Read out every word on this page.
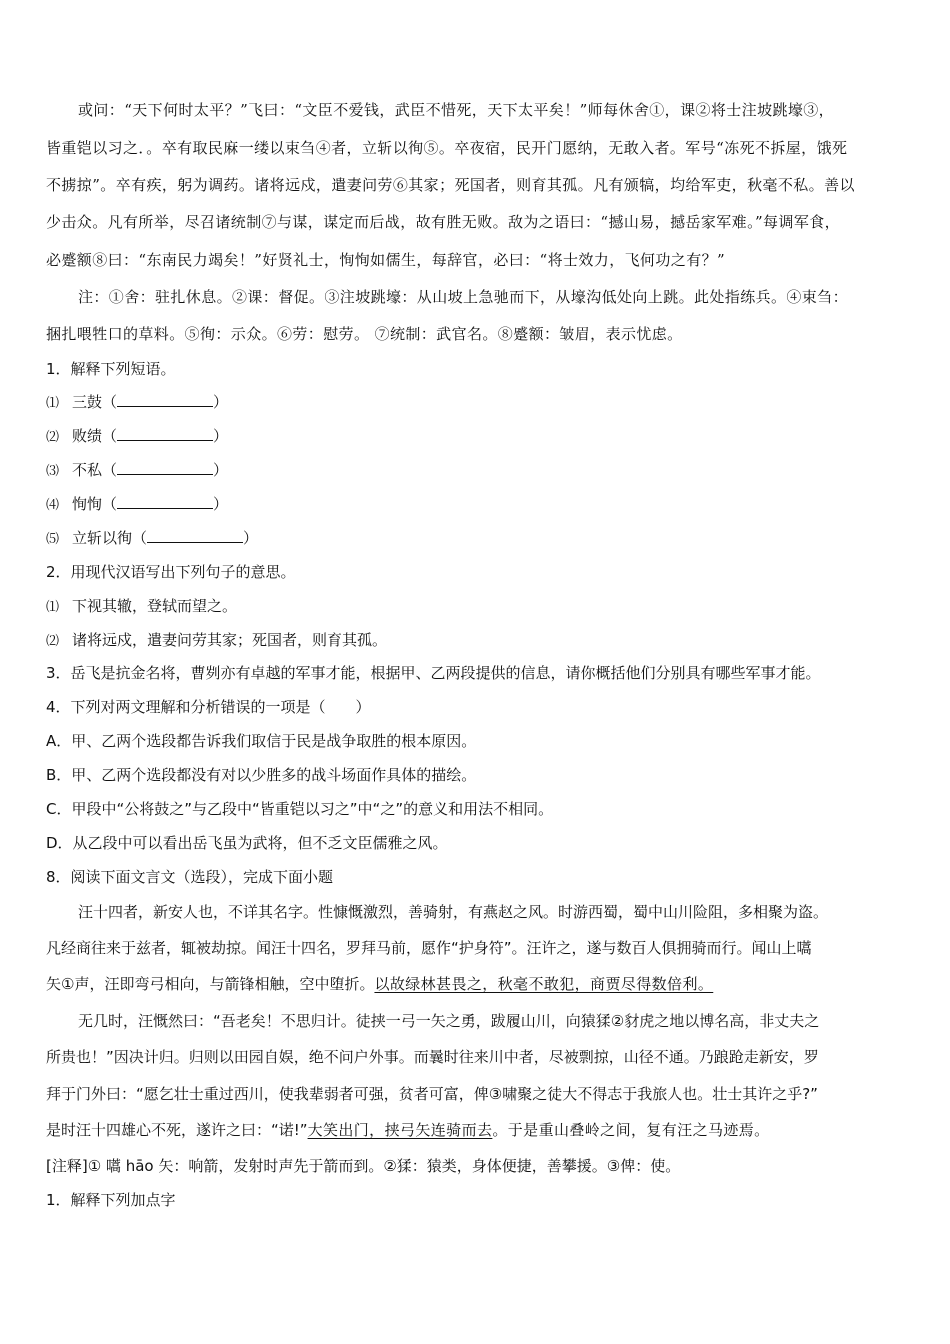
或问：“天下何时太平？”飞曰：“文臣不爱钱，武臣不惜死，天下太平矣！”师每休舍①，课②将士注坡跳壕③，
皆重铠以习之．。卒有取民麻一缕以束刍④者，立斩以徇⑤。卒夜宿，民开门愿纳，无敢入者。军号“冻死不拆屋，饿死
不掳掠”。卒有疾，躬为调药。诸将远戍，遣妻问劳⑥其家；死国者，则育其孤。凡有颁犒，均给军吏，秋毫不私。善以
少击众。凡有所举，尽召诸统制⑦与谋，谋定而后战，故有胜无败。敌为之语曰：“撼山易，撼岳家军难。”每调军食，
必蹙额⑧曰：“东南民力竭矣！”好贤礼士，恂恂如儒生，每辞官，必曰：“将士效力，飞何功之有？”
注：①舍：驻扎休息。②课：督促。③注坡跳壕：从山坡上急驰而下，从壕沟低处向上跳。此处指练兵。④束刍：
捆扎喂牲口的草料。⑤徇：示众。⑥劳：慰劳。 ⑦统制：武官名。⑧蹙额：皱眉，表示忧虑。
1．解释下列短语。
⑴ 三鼓（	）
⑵ 败绩（	）
⑶ 不私（	）
⑷ 恂恂（	）
⑸ 立斩以徇（	）
2．用现代汉语写出下列句子的意思。
⑴ 下视其辙，登轼而望之。
⑵ 诸将远戍，遣妻问劳其家；死国者，则育其孤。
3．岳飞是抗金名将，曹刿亦有卓越的军事才能，根据甲、乙两段提供的信息，请你概括他们分别具有哪些军事才能。
4．下列对两文理解和分析错误的一项是（　　）
A．甲、乙两个选段都告诉我们取信于民是战争取胜的根本原因。
B．甲、乙两个选段都没有对以少胜多的战斗场面作具体的描绘。
C．甲段中“公将鼓之”与乙段中“皆重铠以习之”中“之”的意义和用法不相同。
D．从乙段中可以看出岳飞虽为武将，但不乏文臣儒雅之风。
8．阅读下面文言文（选段），完成下面小题
汪十四者，新安人也，不详其名字。性慷慨激烈，善骑射，有燕赵之风。时游西蜀，蜀中山川险阻，多相聚为盗。
凡经商往来于兹者，辄被劫掠。闻汪十四名，罗拜马前，愿作“护身符”。汪许之，遂与数百人俱拥骑而行。闻山上嚆
矢①声，汪即弯弓相向，与箭锋相触，空中堕折。以故绿林甚畏之，秋毫不敢犯，商贾尽得数倍利。
无几时，汪慨然曰：“吾老矣！不思归计。徒挟一弓一矢之勇，跋履山川，向猿猱②豺虎之地以博名高，非丈夫之
所贵也！”因决计归。归则以田园自娱，绝不问户外事。而曩时往来川中者，尽被剽掠，山径不通。乃踉跄走新安，罗
拜于门外曰：“愿乞壮士重过西川，使我辈弱者可强，贫者可富，俾③啸聚之徒大不得志于我旅人也。壮士其许之乎?”
是时汪十四雄心不死，遂许之曰：“诺!”大笑出门，挟弓矢连骑而去。于是重山叠岭之间，复有汪之马迹焉。
[注释]① 嚆 hāo 矢：响箭，发射时声先于箭而到。②猱：猿类，身体便捷，善攀援。③俾：使。
1．解释下列加点字
